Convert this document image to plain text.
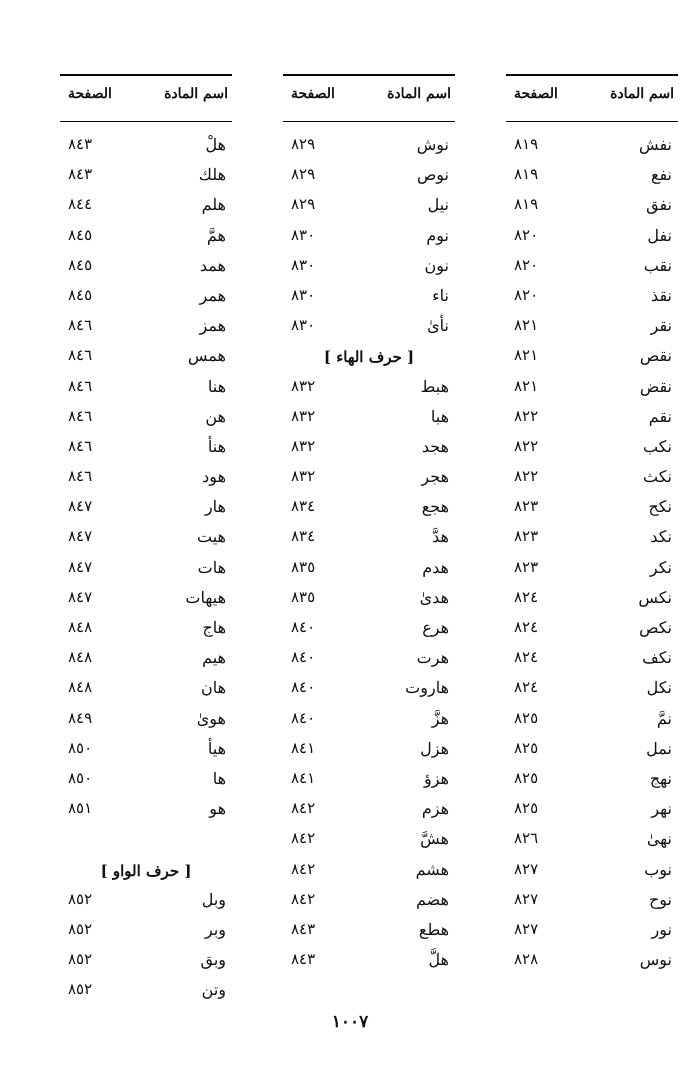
اسم المادة
الصفحة
نفش
٨١٩
نفع
٨١٩
نفق
٨١٩
نفل
٨٢٠
نقب
٨٢٠
نقذ
٨٢٠
نقر
٨٢١
نقص
٨٢١
نقض
٨٢١
نقم
٨٢٢
نكب
٨٢٢
نكث
٨٢٢
نكح
٨٢٣
نكد
٨٢٣
نكر
٨٢٣
نكس
٨٢٤
نكص
٨٢٤
نكف
٨٢٤
نكل
٨٢٤
نمَّ
٨٢٥
نمل
٨٢٥
نهج
٨٢٥
نهر
٨٢٥
نهىٰ
٨٢٦
نوب
٨٢٧
نوح
٨٢٧
نور
٨٢٧
نوس
٨٢٨
اسم المادة
الصفحة
نوش
٨٢٩
نوص
٨٢٩
نيل
٨٢٩
نوم
٨٣٠
نون
٨٣٠
ناء
٨٣٠
نأىٰ
٨٣٠
[ حرف الهاء ]
هبط
٨٣٢
هبا
٨٣٢
هجد
٨٣٢
هجر
٨٣٢
هجع
٨٣٤
هدَّ
٨٣٤
هدم
٨٣٥
هدىٰ
٨٣٥
هرع
٨٤٠
هرت
٨٤٠
هاروت
٨٤٠
هزَّ
٨٤٠
هزل
٨٤١
هزؤ
٨٤١
هزم
٨٤٢
هشَّ
٨٤٢
هشم
٨٤٢
هضم
٨٤٢
هطع
٨٤٣
هلَّ
٨٤٣
اسم المادة
الصفحة
هلْ
٨٤٣
هلك
٨٤٣
هلم
٨٤٤
همَّ
٨٤٥
همد
٨٤٥
همر
٨٤٥
همز
٨٤٦
همس
٨٤٦
هنا
٨٤٦
هن
٨٤٦
هنأ
٨٤٦
هود
٨٤٦
هار
٨٤٧
هيت
٨٤٧
هات
٨٤٧
هيهات
٨٤٧
هاج
٨٤٨
هيم
٨٤٨
هان
٨٤٨
هوىٰ
٨٤٩
هيأ
٨٥٠
ها
٨٥٠
هو
٨٥١
[ حرف الواو ]
وبل
٨٥٢
وبر
٨٥٢
وبق
٨٥٢
وتن
٨٥٢
١٠٠٧
